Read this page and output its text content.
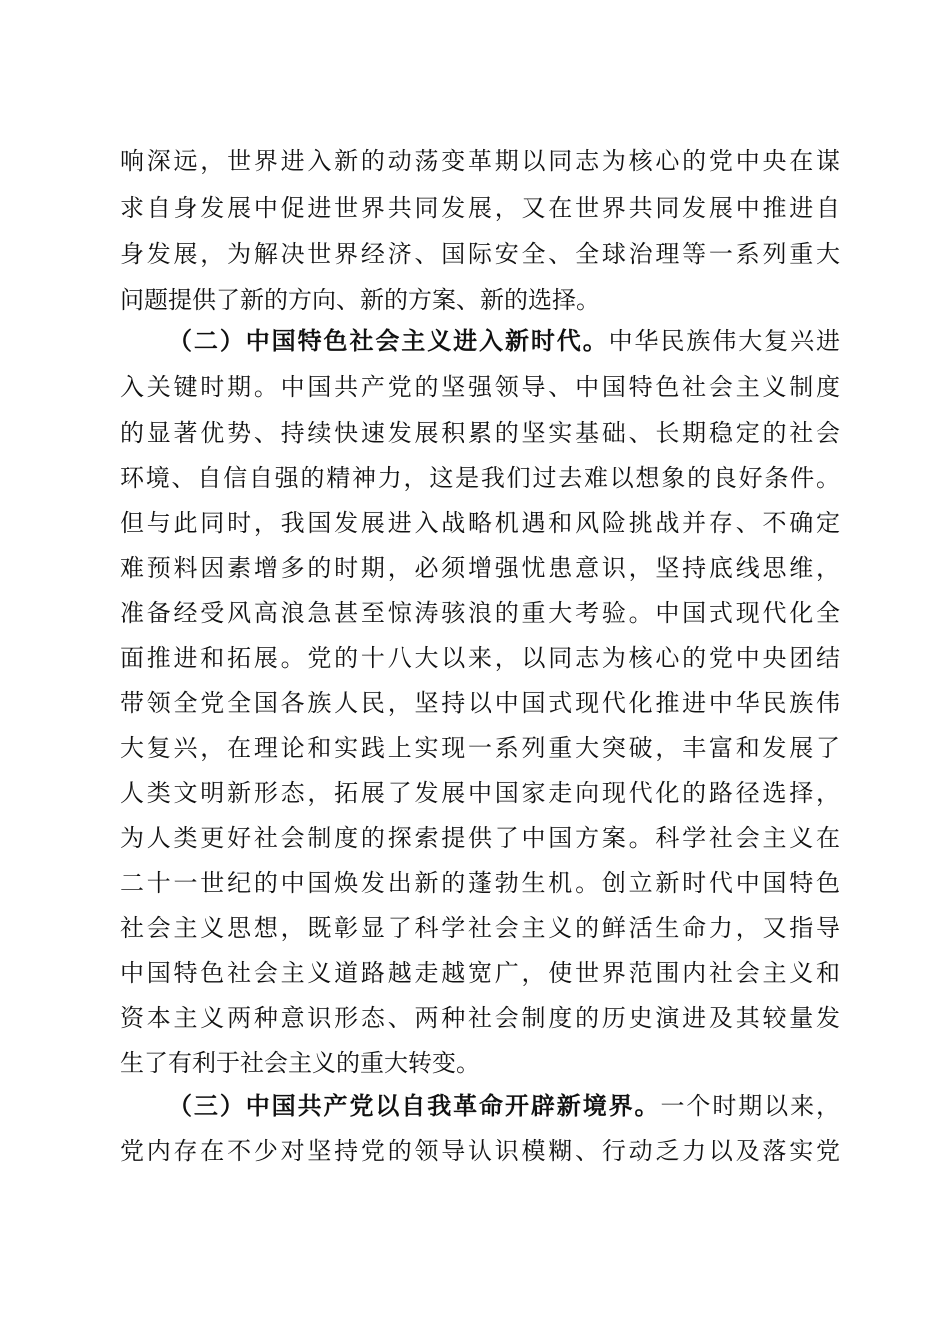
响深远，世界进入新的动荡变革期以同志为核心的党中央在谋
求自身发展中促进世界共同发展，又在世界共同发展中推进自
身发展，为解决世界经济、国际安全、全球治理等一系列重大
问题提供了新的方向、新的方案、新的选择。
（二）中国特色社会主义进入新时代。中华民族伟大复兴进
入关键时期。中国共产党的坚强领导、中国特色社会主义制度
的显著优势、持续快速发展积累的坚实基础、长期稳定的社会
环境、自信自强的精神力，这是我们过去难以想象的良好条件。
但与此同时，我国发展进入战略机遇和风险挑战并存、不确定
难预料因素增多的时期，必须增强忧患意识，坚持底线思维，
准备经受风高浪急甚至惊涛骇浪的重大考验。中国式现代化全
面推进和拓展。党的十八大以来，以同志为核心的党中央团结
带领全党全国各族人民，坚持以中国式现代化推进中华民族伟
大复兴，在理论和实践上实现一系列重大突破，丰富和发展了
人类文明新形态，拓展了发展中国家走向现代化的路径选择，
为人类更好社会制度的探索提供了中国方案。科学社会主义在
二十一世纪的中国焕发出新的蓬勃生机。创立新时代中国特色
社会主义思想，既彰显了科学社会主义的鲜活生命力，又指导
中国特色社会主义道路越走越宽广，使世界范围内社会主义和
资本主义两种意识形态、两种社会制度的历史演进及其较量发
生了有利于社会主义的重大转变。
（三）中国共产党以自我革命开辟新境界。一个时期以来，
党内存在不少对坚持党的领导认识模糊、行动乏力以及落实党
